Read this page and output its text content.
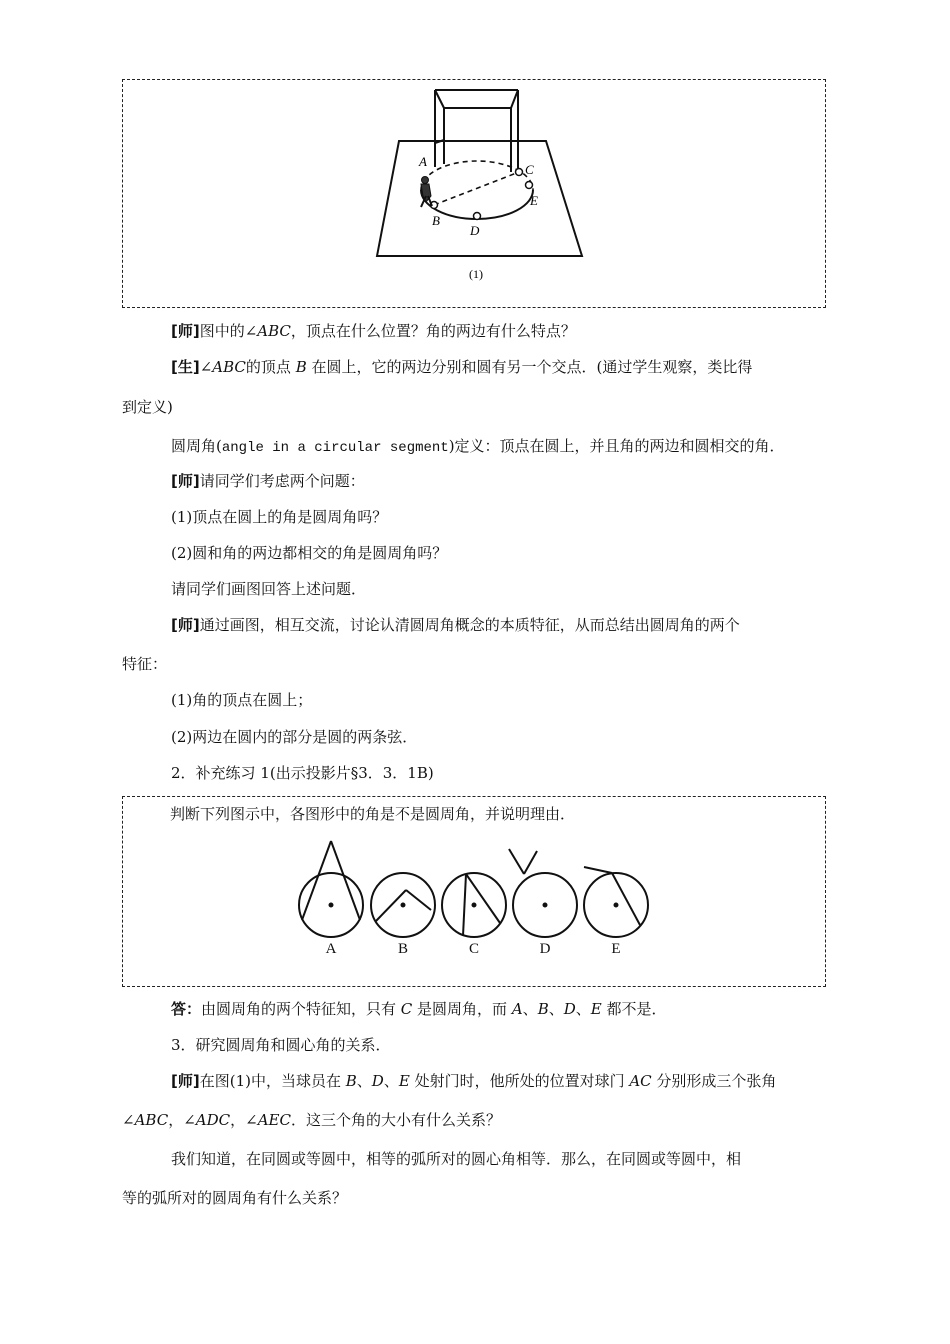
A
B
C
D
E
(1)
[师]图中的∠ABC，顶点在什么位置？角的两边有什么特点？
[生]∠ABC的顶点 B 在圆上，它的两边分别和圆有另一个交点．(通过学生观察，类比得
到定义)
圆周角(angle in a circular segment)定义：顶点在圆上，并且角的两边和圆相交的角．
[师]请同学们考虑两个问题：
(1)顶点在圆上的角是圆周角吗？
(2)圆和角的两边都相交的角是圆周角吗？
请同学们画图回答上述问题．
[师]通过画图，相互交流，讨论认清圆周角概念的本质特征，从而总结出圆周角的两个
特征：
(1)角的顶点在圆上；
(2)两边在圆内的部分是圆的两条弦．
2．补充练习 1(出示投影片§3．3．1B)
判断下列图示中，各图形中的角是不是圆周角，并说明理由．
A	B	C	D	E
答：由圆周角的两个特征知，只有 C 是圆周角，而 A、B、D、E 都不是．
3．研究圆周角和圆心角的关系．
[师]在图(1)中，当球员在 B、D、E 处射门时，他所处的位置对球门 AC 分别形成三个张角
∠ABC，∠ADC，∠AEC．这三个角的大小有什么关系？
我们知道，在同圆或等圆中，相等的弧所对的圆心角相等．那么，在同圆或等圆中，相
等的弧所对的圆周角有什么关系？
